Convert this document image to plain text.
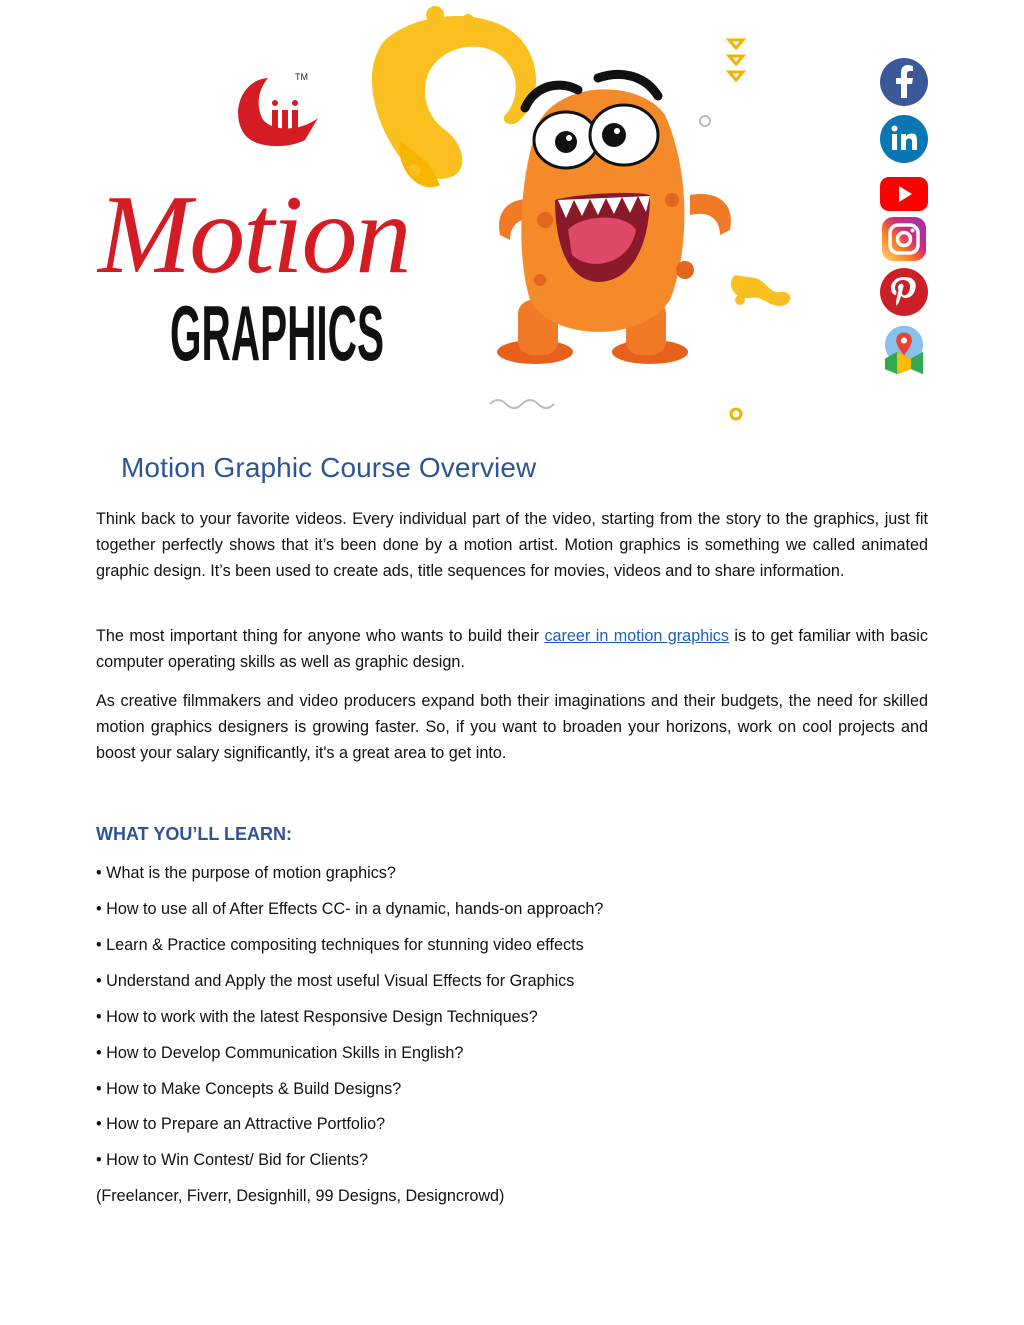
TM
Motion
GRAPHICS
Motion Graphic Course Overview
Think back to your favorite videos. Every individual part of the video, starting from the story to the graphics, just fit together perfectly shows that it’s been done by a motion artist. Motion graphics is something we called animated graphic design. It’s been used to create ads, title sequences for movies, videos and to share information.
The most important thing for anyone who wants to build their career in motion graphics is to get familiar with basic computer operating skills as well as graphic design.
As creative filmmakers and video producers expand both their imaginations and their budgets, the need for skilled motion graphics designers is growing faster. So, if you want to broaden your horizons, work on cool projects and boost your salary significantly, it's a great area to get into.
WHAT YOU’LL LEARN:
• What is the purpose of motion graphics?
• How to use all of After Effects CC- in a dynamic, hands-on approach?
• Learn & Practice compositing techniques for stunning video effects
• Understand and Apply the most useful Visual Effects for Graphics
• How to work with the latest Responsive Design Techniques?
• How to Develop Communication Skills in English?
• How to Make Concepts & Build Designs?
• How to Prepare an Attractive Portfolio?
• How to Win Contest/ Bid for Clients?
(Freelancer, Fiverr, Designhill, 99 Designs, Designcrowd)
